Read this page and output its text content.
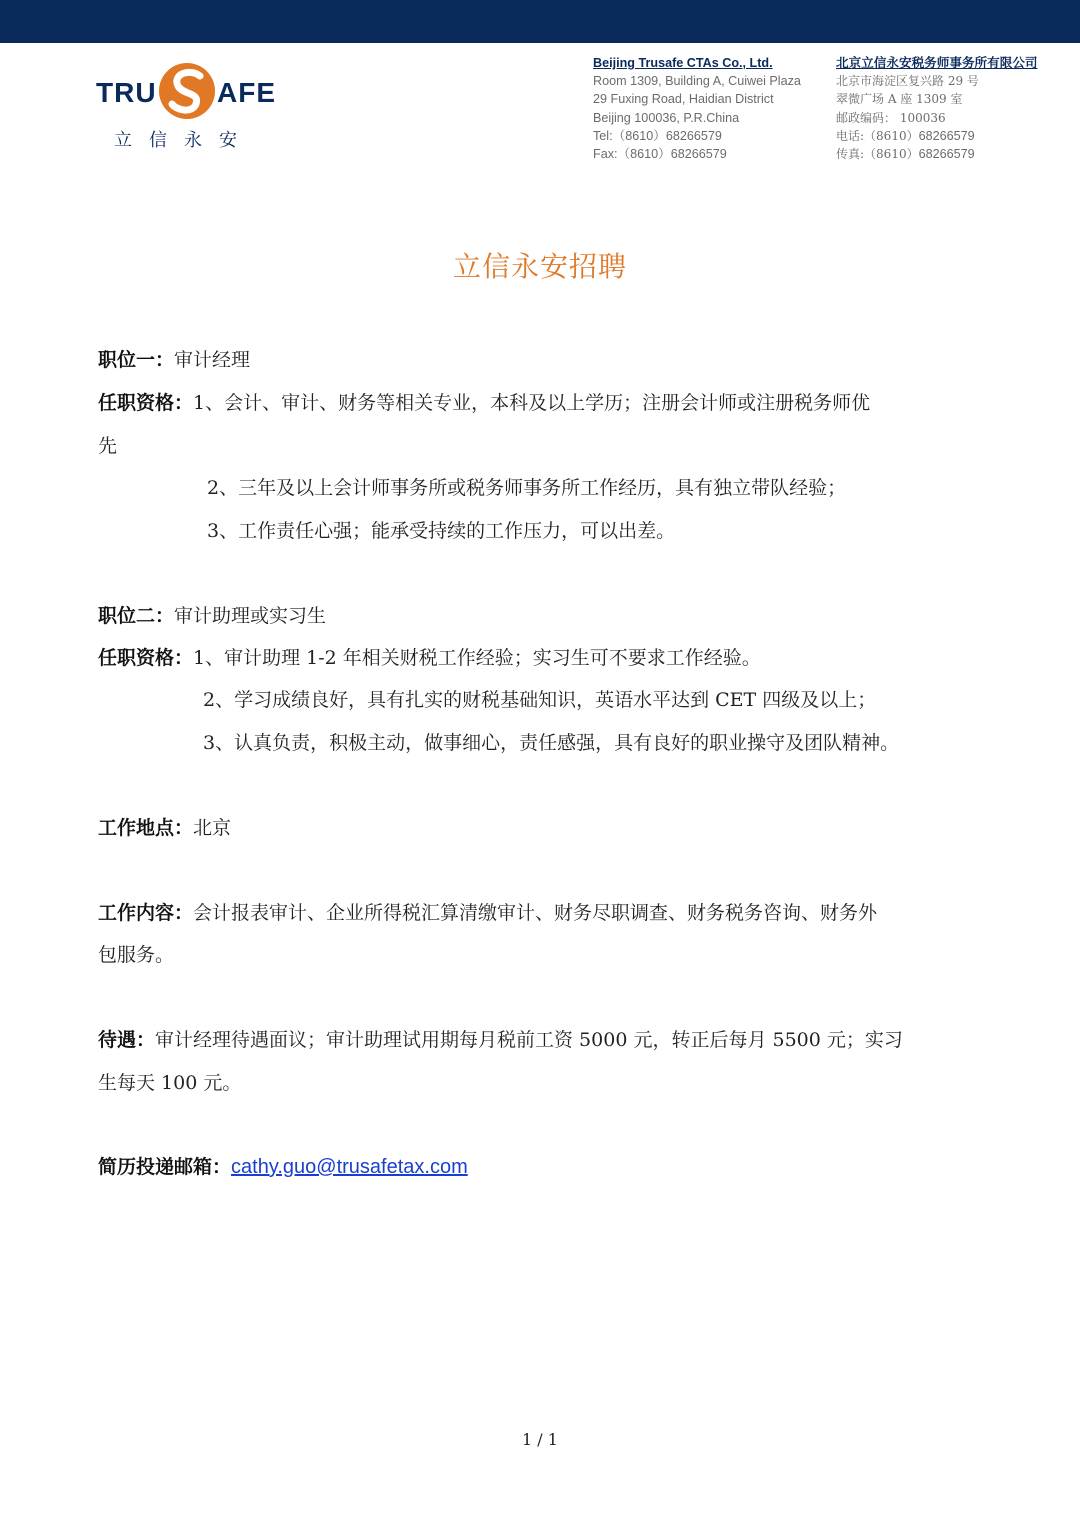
TRU AFE
立信永安
Beijing Trusafe CTAs Co., Ltd.
Room 1309, Building A, Cuiwei Plaza
29 Fuxing Road, Haidian District
Beijing 100036, P.R.China
Tel:（8610）68266579
Fax:（8610）68266579
北京立信永安税务师事务所有限公司
北京市海淀区复兴路 29 号
翠微广场 A 座 1309 室
邮政编码： 100036
电话:（8610）68266579
传真:（8610）68266579
立信永安招聘
职位一：审计经理
任职资格：1、会计、审计、财务等相关专业，本科及以上学历；注册会计师或注册税务师优
先
2、三年及以上会计师事务所或税务师事务所工作经历，具有独立带队经验；
3、工作责任心强；能承受持续的工作压力，可以出差。
职位二：审计助理或实习生
任职资格：1、审计助理 1-2 年相关财税工作经验；实习生可不要求工作经验。
2、学习成绩良好，具有扎实的财税基础知识，英语水平达到 CET 四级及以上；
3、认真负责，积极主动，做事细心，责任感强，具有良好的职业操守及团队精神。
工作地点：北京
工作内容：会计报表审计、企业所得税汇算清缴审计、财务尽职调查、财务税务咨询、财务外
包服务。
待遇：审计经理待遇面议；审计助理试用期每月税前工资 5000 元，转正后每月 5500 元；实习
生每天 100 元。
简历投递邮箱：cathy.guo@trusafetax.com
1 / 1
